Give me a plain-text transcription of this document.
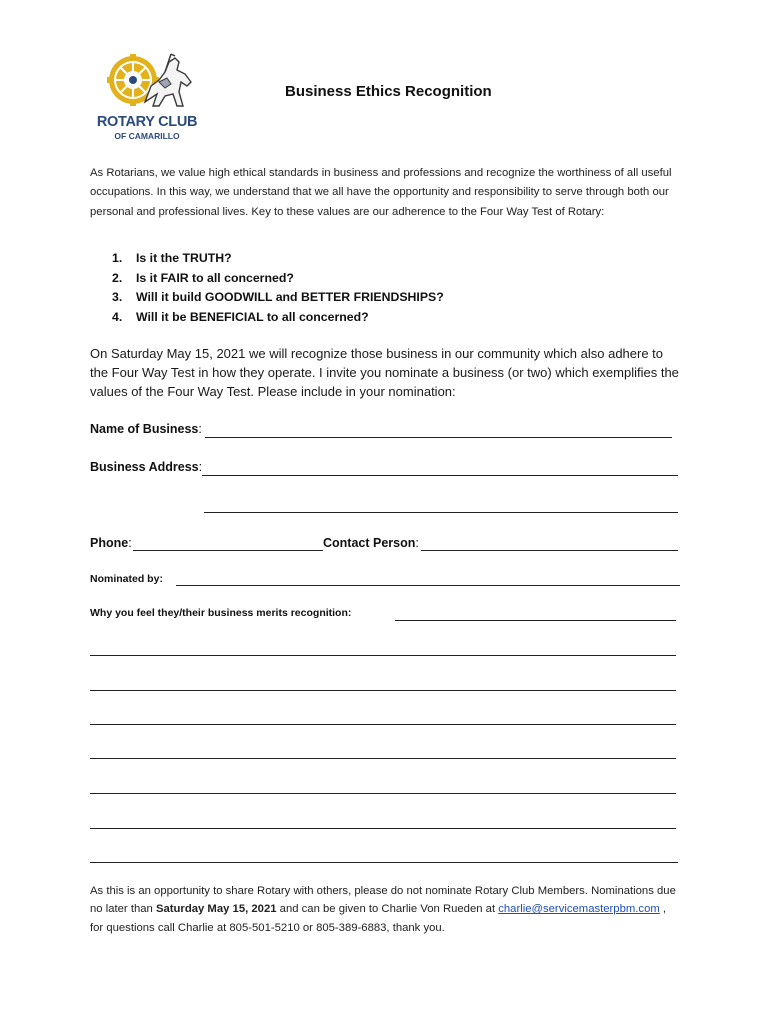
ROTARY CLUB
OF CAMARILLO
Business Ethics Recognition
As Rotarians, we value high ethical standards in business and professions and recognize the worthiness of all useful occupations. In this way, we understand that we all have the opportunity and responsibility to serve through both our personal and professional lives. Key to these values are our adherence to the Four Way Test of Rotary:
1. Is it the TRUTH?
2. Is it FAIR to all concerned?
3. Will it build GOODWILL and BETTER FRIENDSHIPS?
4. Will it be BENEFICIAL to all concerned?
On Saturday May 15, 2021 we will recognize those business in our community which also adhere to the Four Way Test in how they operate. I invite you nominate a business (or two) which exemplifies the values of the Four Way Test. Please include in your nomination:
Name of Business:
Business Address:
Phone:	Contact Person:
Nominated by:
Why you feel they/their business merits recognition:
As this is an opportunity to share Rotary with others, please do not nominate Rotary Club Members. Nominations due no later than Saturday May 15, 2021 and can be given to Charlie Von Rueden at charlie@servicemasterpbm.com , for questions call Charlie at 805-501-5210 or 805-389-6883, thank you.
